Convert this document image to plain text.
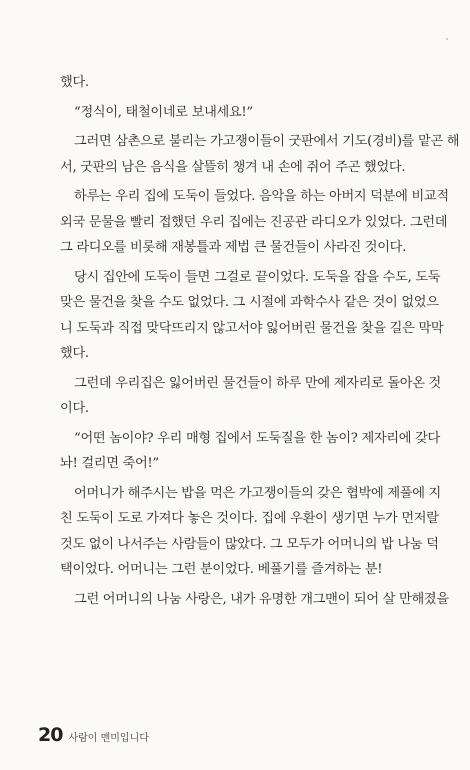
했다.

“정식이, 태철이네로 보내세요!”

그러면 삼촌으로 불리는 가고쟁이들이 굿판에서 기도(경비)를 맡곤 해
서, 굿판의 남은 음식을 살뜰히 챙겨 내 손에 쥐어 주곤 했었다.

하루는 우리 집에 도둑이 들었다. 음악을 하는 아버지 덕분에 비교적
외국 문물을 빨리 접했던 우리 집에는 진공관 라디오가 있었다. 그런데
그 라디오를 비롯해 재봉틀과 제법 큰 물건들이 사라진 것이다.

당시 집안에 도둑이 들면 그걸로 끝이었다. 도둑을 잡을 수도, 도둑
맞은 물건을 찾을 수도 없었다. 그 시절에 과학수사 같은 것이 없었으
니 도둑과 직접 맞닥뜨리지 않고서야 잃어버린 물건을 찾을 길은 막막
했다.

그런데 우리집은 잃어버린 물건들이 하루 만에 제자리로 돌아온 것
이다.

“어떤 놈이야? 우리 매형 집에서 도둑질을 한 놈이? 제자리에 갖다
놔! 걸리면 죽어!”

어머니가 해주시는 밥을 먹은 가고쟁이들의 갖은 협박에 제풀에 지
친 도둑이 도로 가져다 놓은 것이다. 집에 우환이 생기면 누가 먼저랄
것도 없이 나서주는 사람들이 많았다. 그 모두가 어머니의 밥 나눔 덕
택이었다. 어머니는 그런 분이었다. 베풀기를 즐겨하는 분!

그런 어머니의 나눔 사랑은, 내가 유명한 개그맨이 되어 살 만해졌을

20 사람이 멘미입니다
